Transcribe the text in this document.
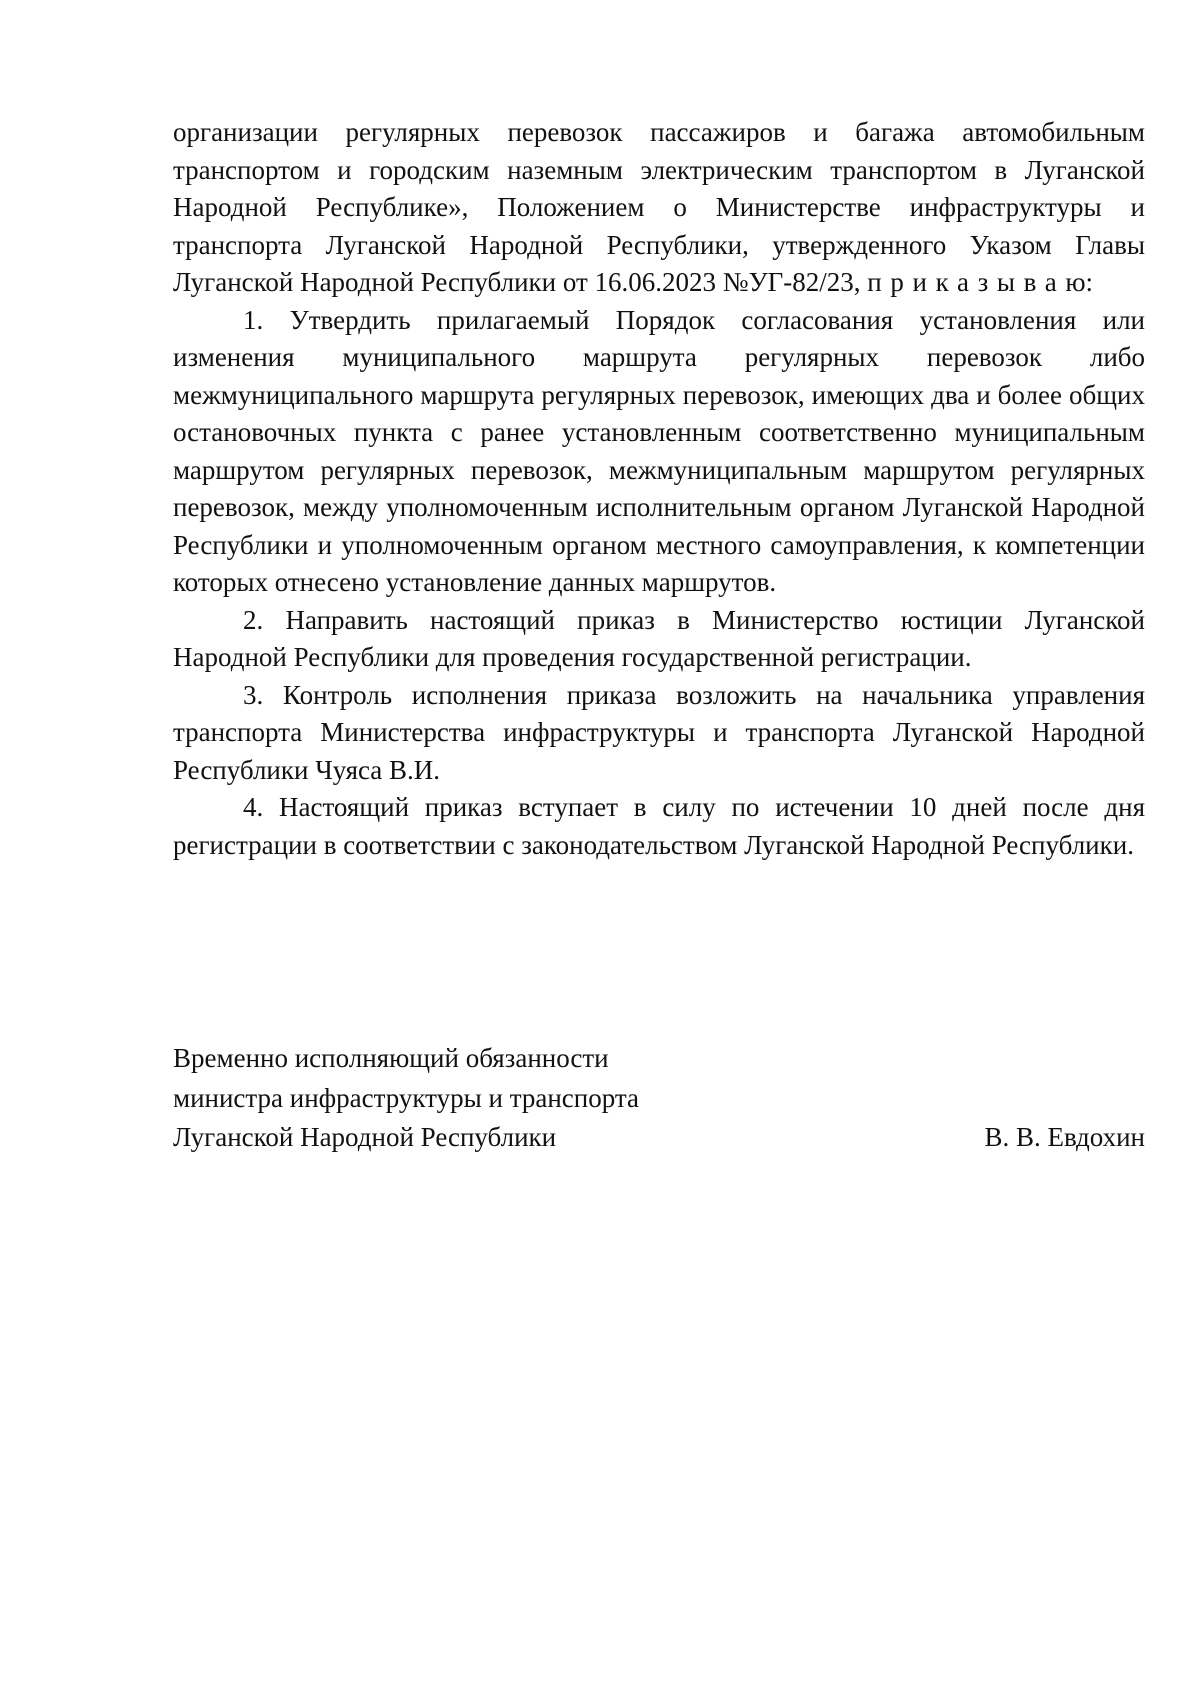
организации регулярных перевозок пассажиров и багажа автомобильным транспортом и городским наземным электрическим транспортом в Луганской Народной Республике», Положением о Министерстве инфраструктуры и транспорта Луганской Народной Республики, утвержденного Указом Главы Луганской Народной Республики от 16.06.2023 №УГ-82/23, приказываю:

1. Утвердить прилагаемый Порядок согласования установления или изменения муниципального маршрута регулярных перевозок либо межмуниципального маршрута регулярных перевозок, имеющих два и более общих остановочных пункта с ранее установленным соответственно муниципальным маршрутом регулярных перевозок, межмуниципальным маршрутом регулярных перевозок, между уполномоченным исполнительным органом Луганской Народной Республики и уполномоченным органом местного самоуправления, к компетенции которых отнесено установление данных маршрутов.

2. Направить настоящий приказ в Министерство юстиции Луганской Народной Республики для проведения государственной регистрации.

3. Контроль исполнения приказа возложить на начальника управления транспорта Министерства инфраструктуры и транспорта Луганской Народной Республики Чуяса В.И.

4. Настоящий приказ вступает в силу по истечении 10 дней после дня регистрации в соответствии с законодательством Луганской Народной Республики.

Временно исполняющий обязанности
министра инфраструктуры и транспорта
Луганской Народной Республики	В. В. Евдохин
